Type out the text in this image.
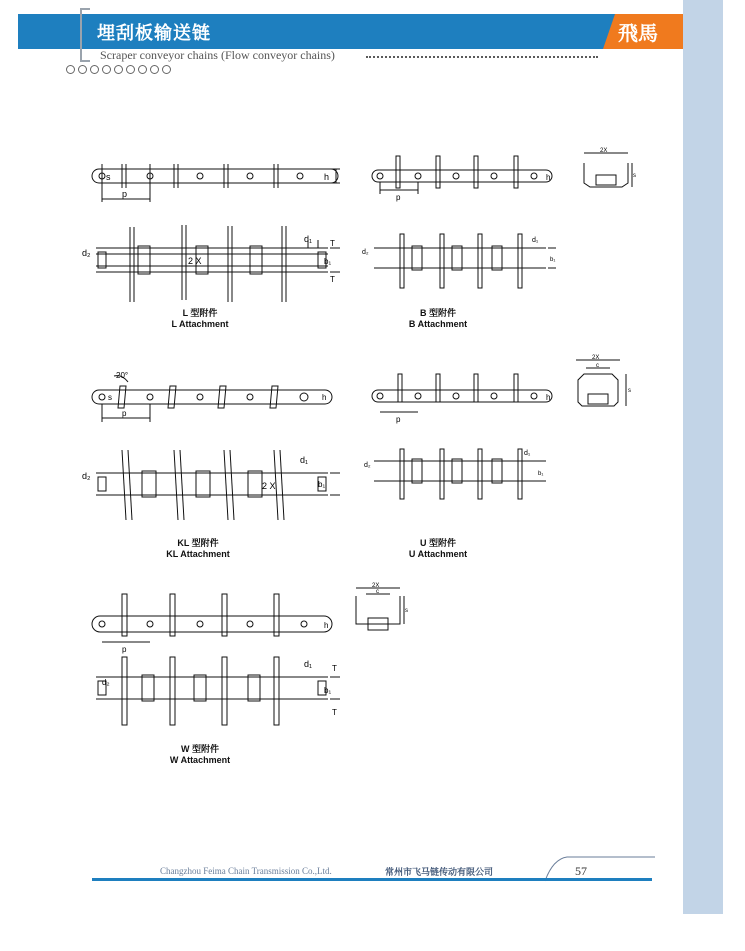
埋刮板输送链	飛馬
Scraper conveyor chains (Flow conveyor chains)
s
p
h
d₂
2 X
d₁
b₁
T
T
L 型附件
L Attachment
p
h
2X
s
d₂
d₁
b₁
B 型附件
B Attachment
20°
s
p
h
d₂
2 X
d₁
b₁
KL 型附件
KL Attachment
p
h
2X
c
s
d₂
d₁
b₁
U 型附件
U Attachment
p
h
2X
c
s
d₂
d₁
b₁
T
T
W 型附件
W Attachment
Changzhou Feima Chain Transmission Co.,Ltd.	常州市飞马链传动有限公司	57
